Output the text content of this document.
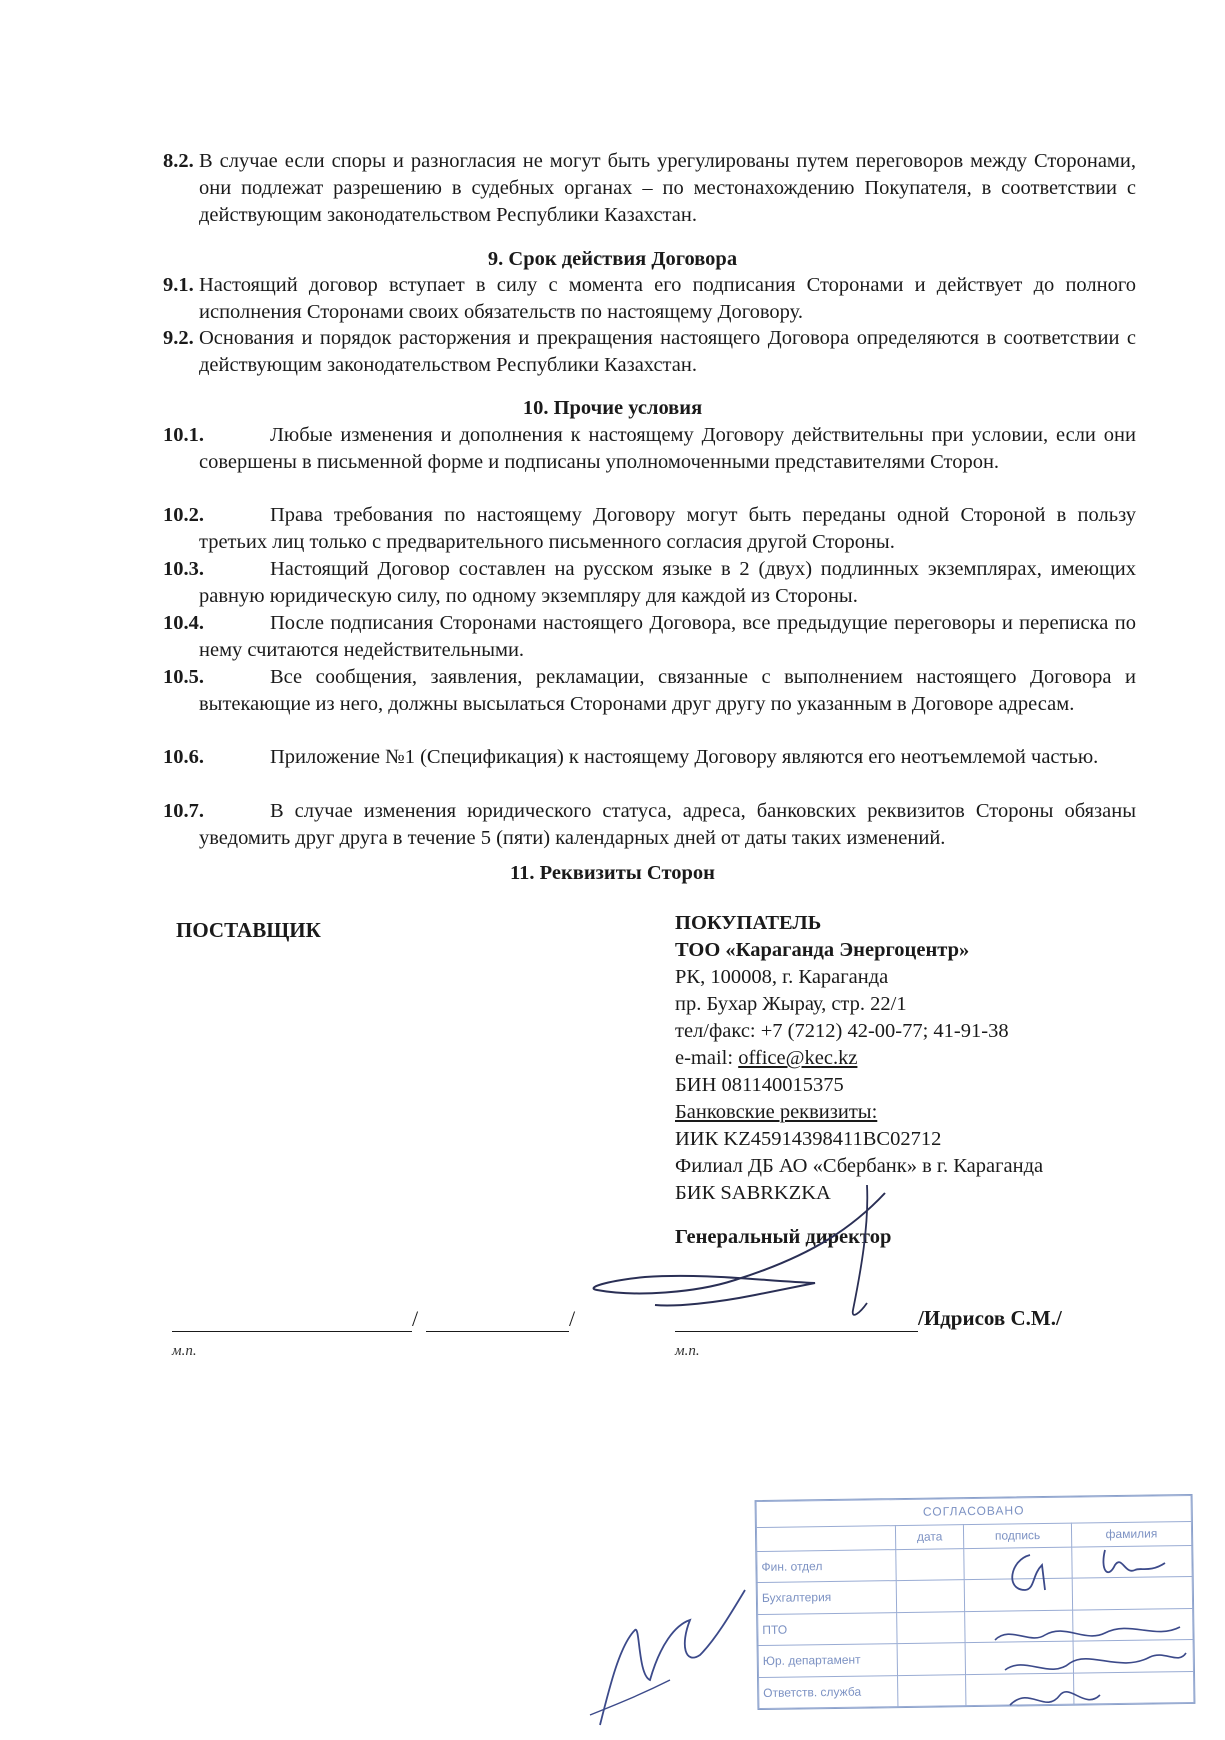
8.2. В случае если споры и разногласия не могут быть урегулированы путем переговоров между Сторонами, они подлежат разрешению в судебных органах – по местонахождению Покупателя, в соответствии с действующим законодательством Республики Казахстан.
9. Срок действия Договора
9.1. Настоящий договор вступает в силу с момента его подписания Сторонами и действует до полного исполнения Сторонами своих обязательств по настоящему Договору.
9.2. Основания и порядок расторжения и прекращения настоящего Договора определяются в соответствии с действующим законодательством Республики Казахстан.
10. Прочие условия
10.1.	Любые изменения и дополнения к настоящему Договору действительны при условии, если они совершены в письменной форме и подписаны уполномоченными представителями Сторон.
10.2.	Права требования по настоящему Договору могут быть переданы одной Стороной в пользу третьих лиц только с предварительного письменного согласия другой Стороны.
10.3.	Настоящий Договор составлен на русском языке в 2 (двух) подлинных экземплярах, имеющих равную юридическую силу, по одному экземпляру для каждой из Стороны.
10.4.	После подписания Сторонами настоящего Договора, все предыдущие переговоры и переписка по нему считаются недействительными.
10.5.	Все сообщения, заявления, рекламации, связанные с выполнением настоящего Договора и вытекающие из него, должны высылаться Сторонами друг другу по указанным в Договоре адресам.
10.6.	Приложение №1 (Спецификация) к настоящему Договору являются его неотъемлемой частью.
10.7.	В случае изменения юридического статуса, адреса, банковских реквизитов Стороны обязаны уведомить друг друга в течение 5 (пяти) календарных дней от даты таких изменений.
11. Реквизиты Сторон
ПОСТАВЩИК	ПОКУПАТЕЛЬ
ТОО «Караганда Энергоцентр»
РК, 100008, г. Караганда
пр. Бухар Жырау, стр. 22/1
тел/факс: +7 (7212) 42-00-77; 41-91-38
e-mail: office@kec.kz
БИН 081140015375
Банковские реквизиты:
ИИК KZ45914398411BC02712
Филиал ДБ АО «Сбербанк» в г. Караганда
БИК SABRKZKA
Генеральный директор
/	/
м.п.
/Идрисов С.М./
м.п.
СОГЛАСОВАНО			
	дата	подпись	фамилия
Фин. отдел			
Бухгалтерия			
ПТО			
Юр. департамент			
Ответств. служба			
